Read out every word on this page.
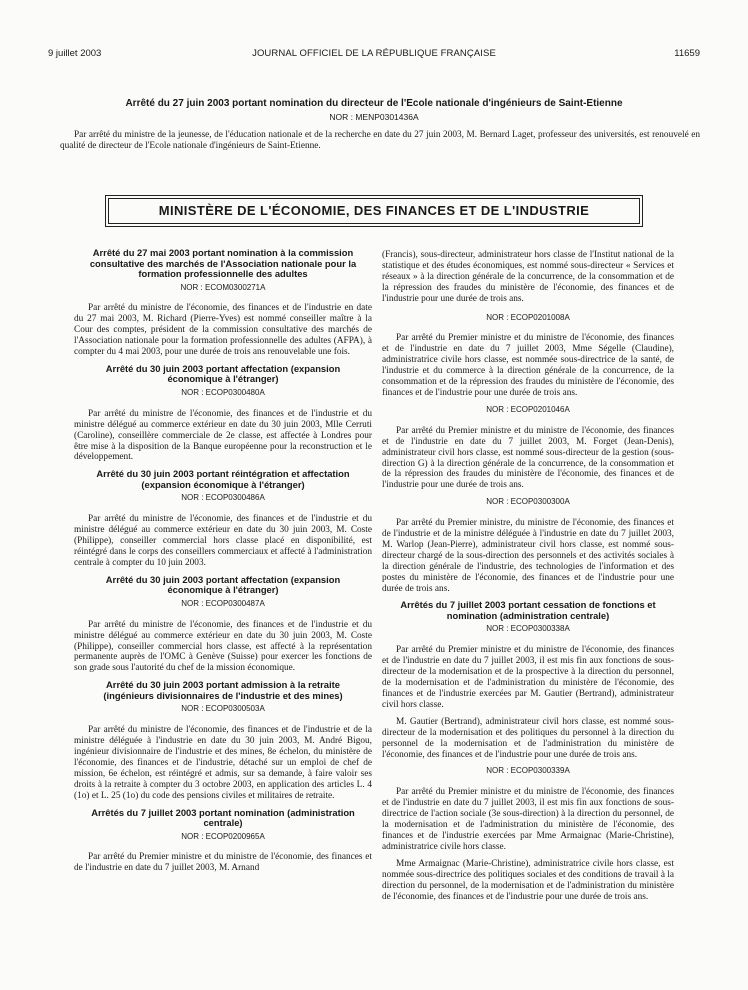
9 juillet 2003	JOURNAL OFFICIEL DE LA RÉPUBLIQUE FRANÇAISE	11659
Arrêté du 27 juin 2003 portant nomination du directeur de l'Ecole nationale d'ingénieurs de Saint-Etienne
NOR : MENP0301436A
Par arrêté du ministre de la jeunesse, de l'éducation nationale et de la recherche en date du 27 juin 2003, M. Bernard Laget, professeur des universités, est renouvelé en qualité de directeur de l'Ecole nationale d'ingénieurs de Saint-Etienne.
MINISTÈRE DE L'ÉCONOMIE, DES FINANCES ET DE L'INDUSTRIE
Arrêté du 27 mai 2003 portant nomination à la commission consultative des marchés de l'Association nationale pour la formation professionnelle des adultes
NOR : ECOM0300271A

Par arrêté du ministre de l'économie, des finances et de l'industrie en date du 27 mai 2003, M. Richard (Pierre-Yves) est nommé conseiller maître à la Cour des comptes, président de la commission consultative des marchés de l'Association nationale pour la formation professionnelle des adultes (AFPA), à compter du 4 mai 2003, pour une durée de trois ans renouvelable une fois.

Arrêté du 30 juin 2003 portant affectation (expansion économique à l'étranger)
NOR : ECOP0300480A

Par arrêté du ministre de l'économie, des finances et de l'industrie et du ministre délégué au commerce extérieur en date du 30 juin 2003, Mlle Cerruti (Caroline), conseillère commerciale de 2e classe, est affectée à Londres pour être mise à la disposition de la Banque européenne pour la reconstruction et le développement.

Arrêté du 30 juin 2003 portant réintégration et affectation (expansion économique à l'étranger)
NOR : ECOP0300486A

Par arrêté du ministre de l'économie, des finances et de l'industrie et du ministre délégué au commerce extérieur en date du 30 juin 2003, M. Coste (Philippe), conseiller commercial hors classe placé en disponibilité, est réintégré dans le corps des conseillers commerciaux et affecté à l'administration centrale à compter du 10 juin 2003.

Arrêté du 30 juin 2003 portant affectation (expansion économique à l'étranger)
NOR : ECOP0300487A

Par arrêté du ministre de l'économie, des finances et de l'industrie et du ministre délégué au commerce extérieur en date du 30 juin 2003, M. Coste (Philippe), conseiller commercial hors classe, est affecté à la représentation permanente auprès de l'OMC à Genève (Suisse) pour exercer les fonctions de son grade sous l'autorité du chef de la mission économique.

Arrêté du 30 juin 2003 portant admission à la retraite (ingénieurs divisionnaires de l'industrie et des mines)
NOR : ECOP0300503A

Par arrêté du ministre de l'économie, des finances et de l'industrie et de la ministre déléguée à l'industrie en date du 30 juin 2003, M. André Bigou, ingénieur divisionnaire de l'industrie et des mines, 8e échelon, du ministère de l'économie, des finances et de l'industrie, détaché sur un emploi de chef de mission, 6e échelon, est réintégré et admis, sur sa demande, à faire valoir ses droits à la retraite à compter du 3 octobre 2003, en application des articles L. 4 (1o) et L. 25 (1o) du code des pensions civiles et militaires de retraite.

Arrêtés du 7 juillet 2003 portant nomination (administration centrale)
NOR : ECOP0200965A

Par arrêté du Premier ministre et du ministre de l'économie, des finances et de l'industrie en date du 7 juillet 2003, M. Arnand

(Francis), sous-directeur, administrateur hors classe de l'Institut national de la statistique et des études économiques, est nommé sous-directeur « Services et réseaux » à la direction générale de la concurrence, de la consommation et de la répression des fraudes du ministère de l'économie, des finances et de l'industrie pour une durée de trois ans.

NOR : ECOP0201008A

Par arrêté du Premier ministre et du ministre de l'économie, des finances et de l'industrie en date du 7 juillet 2003, Mme Ségelle (Claudine), administratrice civile hors classe, est nommée sous-directrice de la santé, de l'industrie et du commerce à la direction générale de la concurrence, de la consommation et de la répression des fraudes du ministère de l'économie, des finances et de l'industrie pour une durée de trois ans.

NOR : ECOP0201046A

Par arrêté du Premier ministre et du ministre de l'économie, des finances et de l'industrie en date du 7 juillet 2003, M. Forget (Jean-Denis), administrateur civil hors classe, est nommé sous-directeur de la gestion (sous-direction G) à la direction générale de la concurrence, de la consommation et de la répression des fraudes du ministère de l'économie, des finances et de l'industrie pour une durée de trois ans.

NOR : ECOP0300300A

Par arrêté du Premier ministre, du ministre de l'économie, des finances et de l'industrie et de la ministre déléguée à l'industrie en date du 7 juillet 2003, M. Warlop (Jean-Pierre), administrateur civil hors classe, est nommé sous-directeur chargé de la sous-direction des personnels et des activités sociales à la direction générale de l'industrie, des technologies de l'information et des postes du ministère de l'économie, des finances et de l'industrie pour une durée de trois ans.

Arrêtés du 7 juillet 2003 portant cessation de fonctions et nomination (administration centrale)
NOR : ECOP0300338A

Par arrêté du Premier ministre et du ministre de l'économie, des finances et de l'industrie en date du 7 juillet 2003, il est mis fin aux fonctions de sous-directeur de la modernisation et de la prospective à la direction du personnel, de la modernisation et de l'administration du ministère de l'économie, des finances et de l'industrie exercées par M. Gautier (Bertrand), administrateur civil hors classe.

M. Gautier (Bertrand), administrateur civil hors classe, est nommé sous-directeur de la modernisation et des politiques du personnel à la direction du personnel de la modernisation et de l'administration du ministère de l'économie, des finances et de l'industrie pour une durée de trois ans.

NOR : ECOP0300339A

Par arrêté du Premier ministre et du ministre de l'économie, des finances et de l'industrie en date du 7 juillet 2003, il est mis fin aux fonctions de sous-directrice de l'action sociale (3e sous-direction) à la direction du personnel, de la modernisation et de l'administration du ministère de l'économie, des finances et de l'industrie exercées par Mme Armaignac (Marie-Christine), administratrice civile hors classe.

Mme Armaignac (Marie-Christine), administratrice civile hors classe, est nommée sous-directrice des politiques sociales et des conditions de travail à la direction du personnel, de la modernisation et de l'administration du ministère de l'économie, des finances et de l'industrie pour une durée de trois ans.
